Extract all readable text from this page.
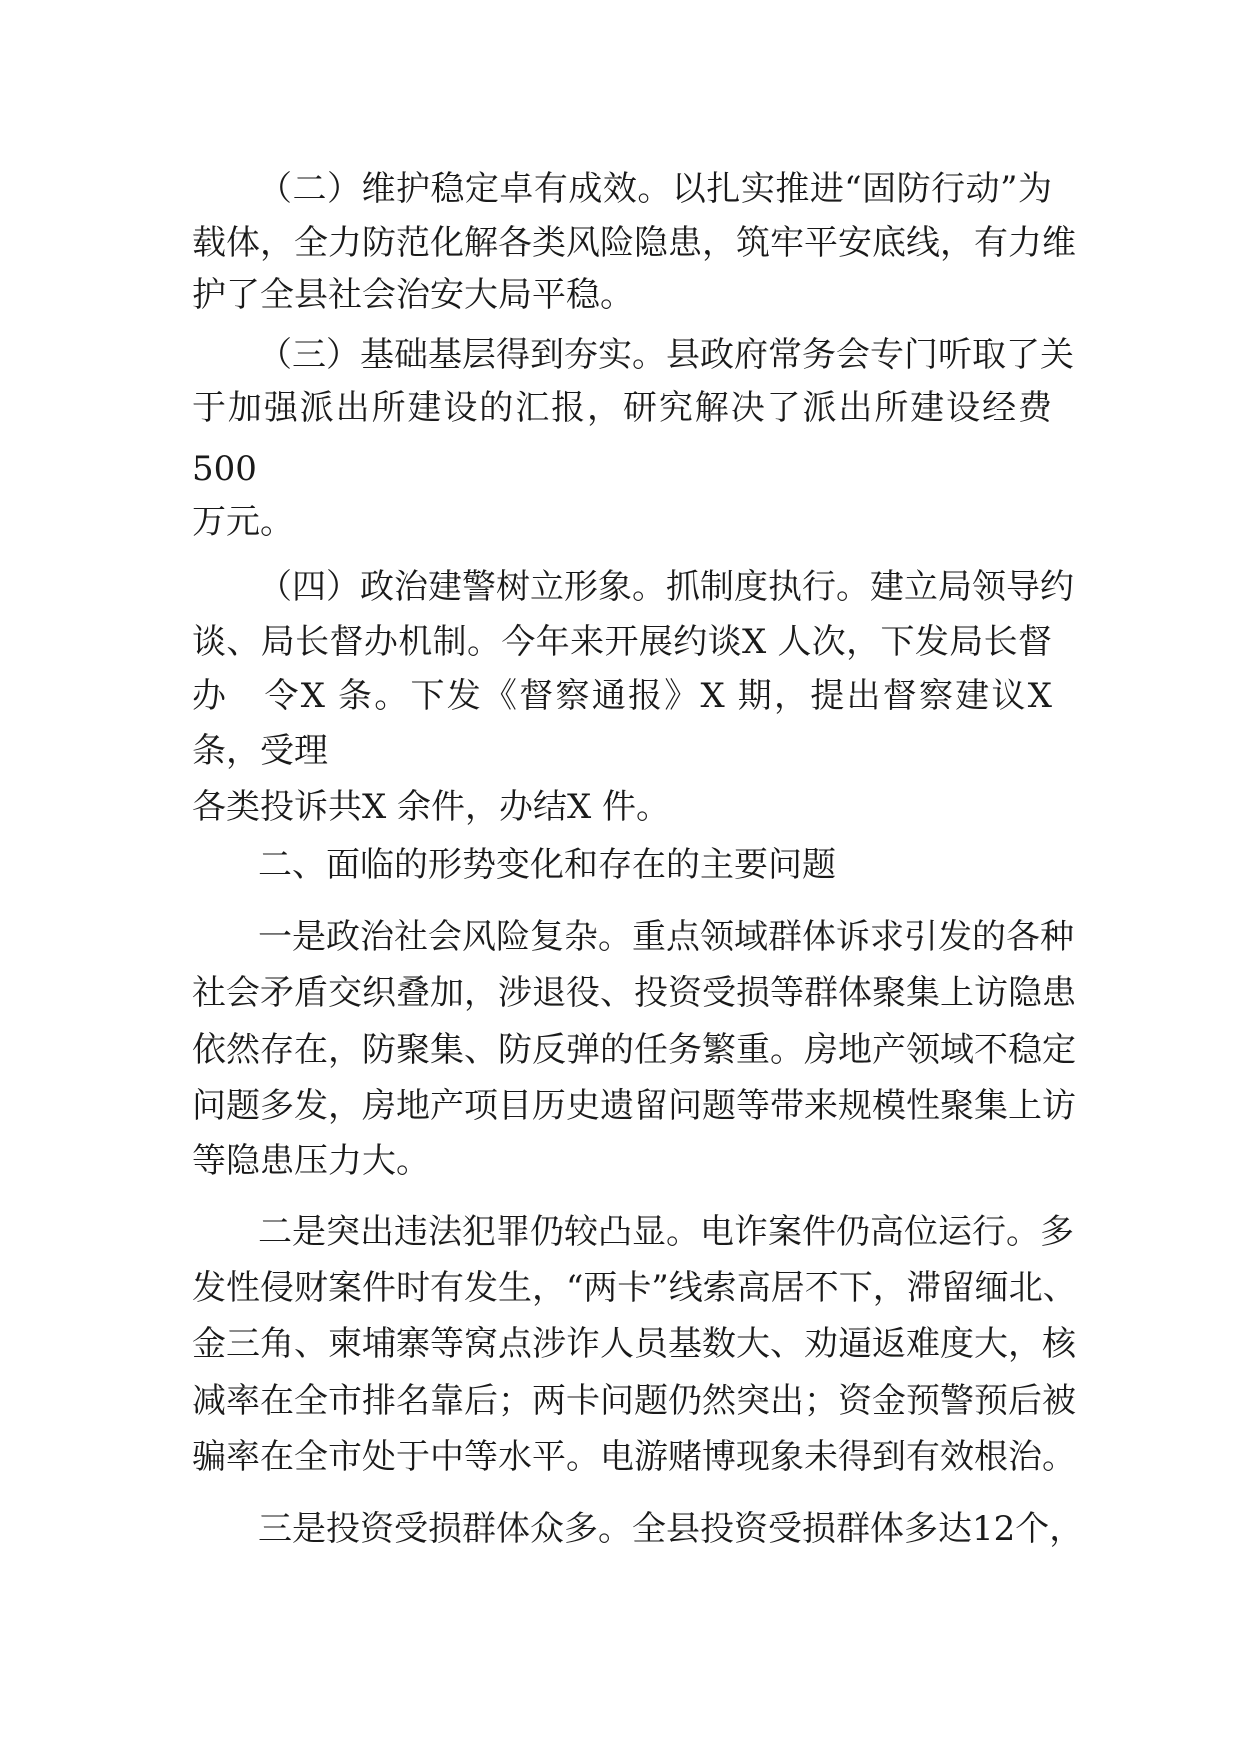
（二）维护稳定卓有成效。以扎实推进“固防行动”为
载体，全力防范化解各类风险隐患，筑牢平安底线，有力维
护了全县社会治安大局平稳。
（三）基础基层得到夯实。县政府常务会专门听取了关
于加强派出所建设的汇报，研究解决了派出所建设经费
500
万元。
（四）政治建警树立形象。抓制度执行。建立局领导约
谈、局长督办机制。今年来开展约谈X 人次，下发局长督
办　令X 条。下发《督察通报》X 期，提出督察建议X
条，受理
各类投诉共X 余件，办结X 件。
二、面临的形势变化和存在的主要问题
一是政治社会风险复杂。重点领域群体诉求引发的各种
社会矛盾交织叠加，涉退役、投资受损等群体聚集上访隐患
依然存在，防聚集、防反弹的任务繁重。房地产领域不稳定
问题多发，房地产项目历史遗留问题等带来规模性聚集上访
等隐患压力大。
二是突出违法犯罪仍较凸显。电诈案件仍高位运行。多
发性侵财案件时有发生，“两卡”线索高居不下，滞留缅北、
金三角、柬埔寨等窝点涉诈人员基数大、劝逼返难度大，核
减率在全市排名靠后；两卡问题仍然突出；资金预警预后被
骗率在全市处于中等水平。电游赌博现象未得到有效根治。
三是投资受损群体众多。全县投资受损群体多达12个，
